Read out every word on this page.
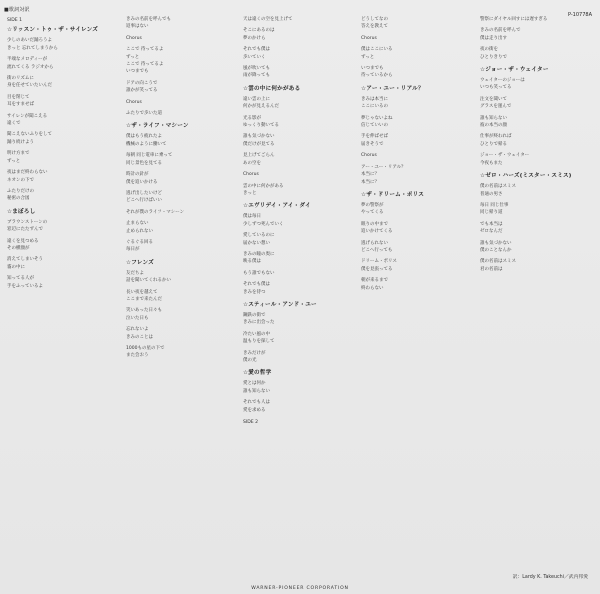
■歌詞対訳
P-10778A
SIDE 1
☆リッスン・トゥ・ザ・サイレンズ
少しのあいだ踊ろうよ
きっと 忘れてしまうから
半端なメロディーが
流れてくる ラジオから
街のリズムに
身を任せていたいんだ
目を閉じて
耳をすませば
サイレンが聞こえる
遠くで
聞こえないふりをして
踊り続けよう
明け方まで
ずっと
夜はまだ終わらない
ネオンの下で
ふたりだけの
秘密の合図
☆まぼろし
ブラウンストーンの
窓辺にたたずんで
遠くを見つめる
その横顔が
消えてしまいそう
霧の中に
知ってる人が
手をふっているよ
きみの名前を呼んでも
返事はない
Chorus
ここで 待ってるよ
ずっと
ここで 待ってるよ
いつまでも
ドアの向こうで
誰かが笑ってる
Chorus
ふたりで歩いた道
☆ザ・ライフ・マシーン
僕はもう疲れたよ
機械のように働いて
毎朝 同じ電車に乗って
同じ景色を見てる
時計の針が
僕を追いかける
逃げ出したいけど
どこへ行けばいい
それが僕のライフ・マシーン
止まらない
止められない
ぐるぐる回る
毎日が
☆フレンズ
友だちよ
話を聞いてくれるかい
長い夜を越えて
ここまで来たんだ
笑いあった日々も
泣いた日も
忘れないよ
きみのことは
1000もの星の下で
また会おう
天は遠くの空を見上げて
そこにあるのは
夢のかけら
それでも僕は
歩いていく
風が吹いても
雨が降っても
☆雲の中に何かがある
遠い雲の上に
何かが見えるんだ
光る影が
ゆっくり動いてる
誰も気づかない
僕だけが見てる
見上げてごらん
あの空を
Chorus
雲の中に何かがある
きっと
☆エヴリデイ・アイ・ダイ
僕は毎日
少しずつ死んでいく
愛しているのに
届かない想い
きみの瞳の奥に
映る僕は
もう誰でもない
それでも僕は
きみを待つ
☆スティール・アンド・ユー
鋼鉄の街で
きみに出会った
冷たい風の中
温もりを探して
きみだけが
僕の光
☆愛の哲学
愛とは何か
誰も知らない
それでも人は
愛を求める
SIDE 2
どうしてなの
答えを教えて
Chorus
僕はここにいる
ずっと
いつまでも
待っているから
☆アー・ユー・リアル？
きみは本当に
ここにいるの
夢じゃないよね
信じていいの
手を伸ばせば
届きそうで
Chorus
アー・ユー・リアル？
本当に？
本当に？
☆ザ・ドリーム・ポリス
夢の警察が
やってくる
眠りの中まで
追いかけてくる
逃げられない
どこへ行っても
ドリーム・ポリス
僕を見張ってる
朝が来るまで
終わらない
警察にダイヤル回すには遅すぎる
きみの名前を呼んで
僕は走り出す
夜の街を
ひとりきりで
☆ジョー・ザ・ウェイター
ウェイターのジョーは
いつも笑ってる
注文を聞いて
グラスを運んで
誰も知らない
彼の本当の顔
仕事が終われば
ひとりで帰る
ジョー・ザ・ウェイター
今夜もまた
☆ゼロ・ハーズ(ミスター・スミス)
僕の名前はスミス
普通の男さ
毎日 同じ仕事
同じ帰り道
でも本当は
ゼロなんだ
誰も気づかない
僕のことなんか
僕の名前はスミス
君の名前は
訳：Lardy K. Takeuchi／武内邦愛
WARNER-PIONEER CORPORATION
